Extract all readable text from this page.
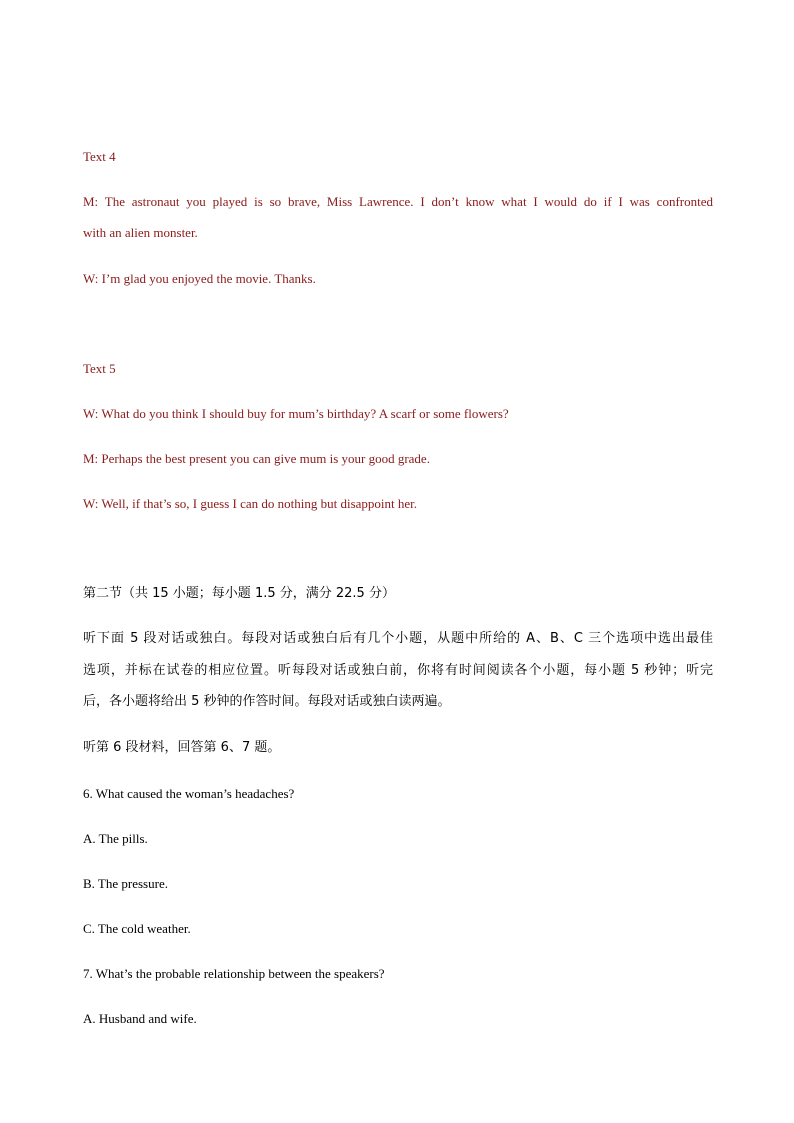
Text 4
M: The astronaut you played is so brave, Miss Lawrence. I don’t know what I would do if I was confronted
with an alien monster.
W: I’m glad you enjoyed the movie. Thanks.
Text 5
W: What do you think I should buy for mum’s birthday? A scarf or some flowers?
M: Perhaps the best present you can give mum is your good grade.
W: Well, if that’s so, I guess I can do nothing but disappoint her.
第二节（共 15 小题；每小题 1.5 分，满分 22.5 分）
听下面 5 段对话或独白。每段对话或独白后有几个小题，从题中所给的 A、B、C 三个选项中选出最佳
选项，并标在试卷的相应位置。听每段对话或独白前，你将有时间阅读各个小题，每小题 5 秒钟；听完
后，各小题将给出 5 秒钟的作答时间。每段对话或独白读两遍。
听第 6 段材料，回答第 6、7 题。
6. What caused the woman’s headaches?
A. The pills.
B. The pressure.
C. The cold weather.
7. What’s the probable relationship between the speakers?
A. Husband and wife.
